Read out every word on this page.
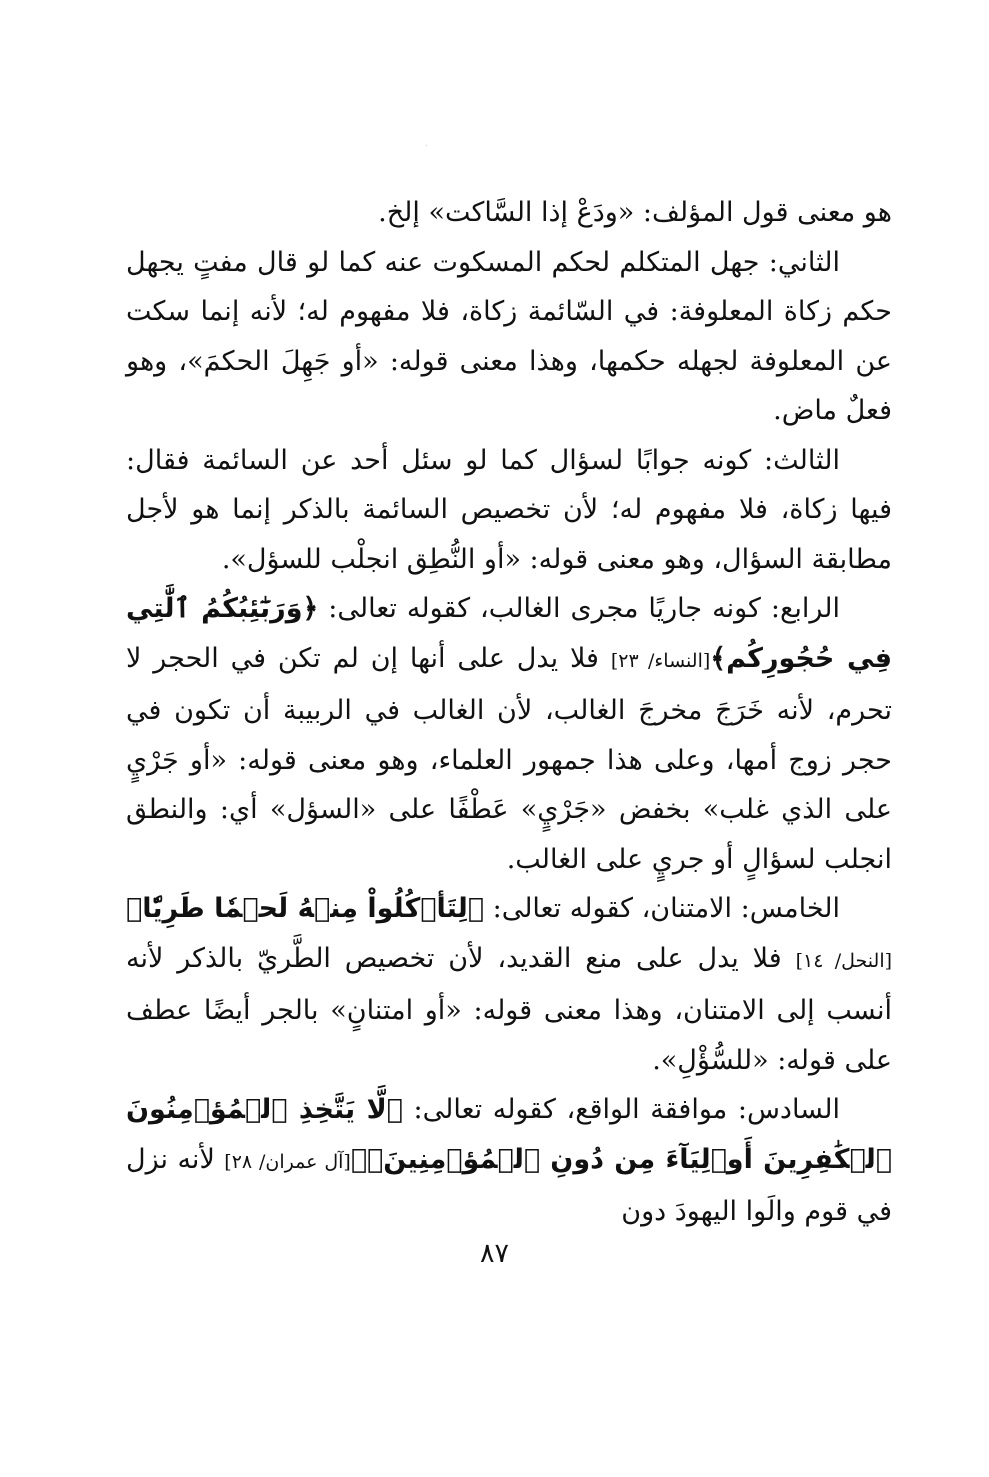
هو معنى قول المؤلف: «ودَعْ إذا السَّاكت» إلخ.

الثاني: جهل المتكلم لحكم المسكوت عنه كما لو قال مفتٍ يجهل حكم زكاة المعلوفة: في السّائمة زكاة، فلا مفهوم له؛ لأنه إنما سكت عن المعلوفة لجهله حكمها، وهذا معنى قوله: «أو جَهِلَ الحكمَ»، وهو فعلٌ ماض.

الثالث: كونه جوابًا لسؤال كما لو سئل أحد عن السائمة فقال: فيها زكاة، فلا مفهوم له؛ لأن تخصيص السائمة بالذكر إنما هو لأجل مطابقة السؤال، وهو معنى قوله: «أو النُّطِق انجلْب للسؤل».

الرابع: كونه جاريًا مجرى الغالب، كقوله تعالى: ﴿وَرَبَٰٓئِبُكُمُ ٱلَّٰتِي فِي حُجُورِكُم﴾[النساء/ ٢٣] فلا يدل على أنها إن لم تكن في الحجر لا تحرم، لأنه خَرَجَ مخرجَ الغالب، لأن الغالب في الربيبة أن تكون في حجر زوج أمها، وعلى هذا جمهور العلماء، وهو معنى قوله: «أو جَرْيٍ على الذي غلب» بخفض «جَرْيٍ» عَطْفًا على «السؤل» أي: والنطق انجلب لسؤالٍ أو جريٍ على الغالب.

الخامس: الامتنان، كقوله تعالى: ﴿لِتَأۡكُلُواْ مِنۡهُ لَحۡمٗا طَرِيّٗا﴾[النحل/ ١٤] فلا يدل على منع القديد، لأن تخصيص الطَّريّ بالذكر لأنه أنسب إلى الامتنان، وهذا معنى قوله: «أو امتنانٍ» بالجر أيضًا عطف على قوله: «للسُّؤْلِ».

السادس: موافقة الواقع، كقوله تعالى: ﴿لَّا يَتَّخِذِ ٱلۡمُؤۡمِنُونَ ٱلۡكَٰفِرِينَ أَوۡلِيَآءَ مِن دُونِ ٱلۡمُؤۡمِنِينَۖ﴾[آل عمران/ ٢٨] لأنه نزل في قوم والَوا اليهودَ دون

٨٧
